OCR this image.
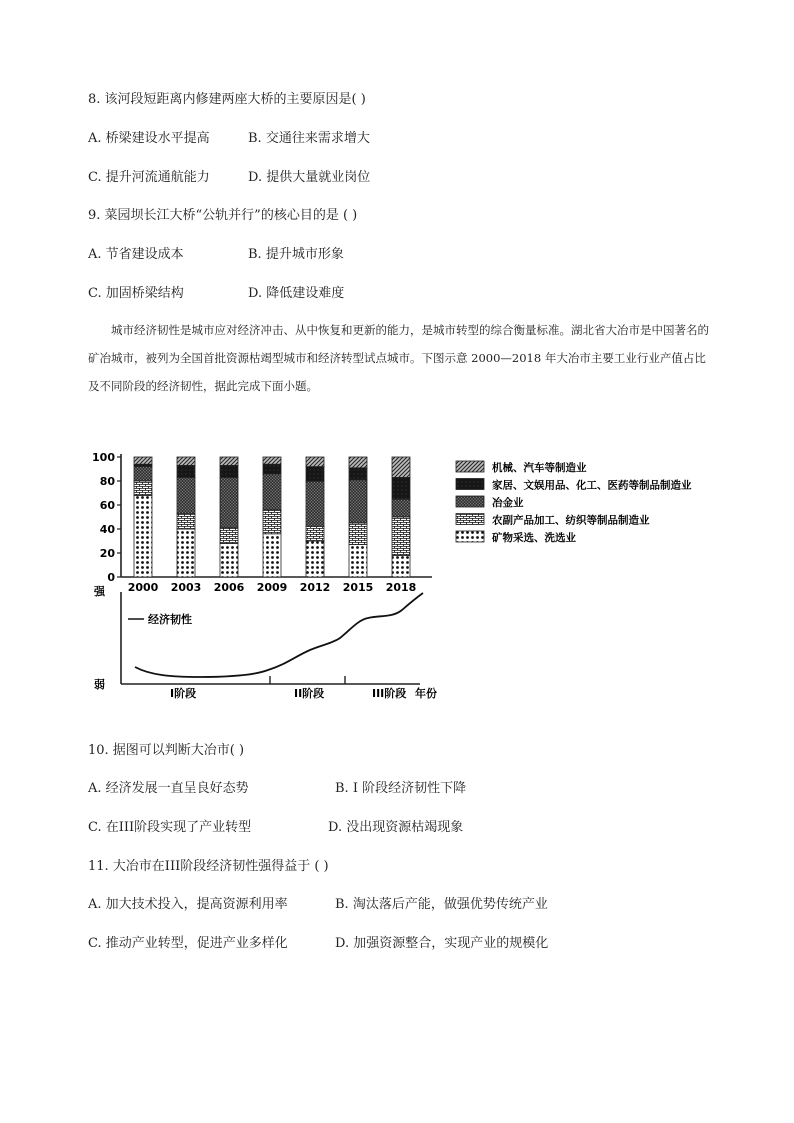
8. 该河段短距离内修建两座大桥的主要原因是( )
A. 桥梁建设水平提高	B. 交通往来需求增大
C. 提升河流通航能力	D. 提供大量就业岗位
9. 菜园坝长江大桥“公轨并行”的核心目的是 ( )
A. 节省建设成本	B. 提升城市形象
C. 加固桥梁结构	D. 降低建设难度

城市经济韧性是城市应对经济冲击、从中恢复和更新的能力，是城市转型的综合衡量标准。湖北省大冶市是中国著名的矿冶城市，被列为全国首批资源枯竭型城市和经济转型试点城市。下图示意 2000—2018 年大冶市主要工业行业产值占比及不同阶段的经济韧性，据此完成下面小题。

0
20
40
60
80
100
2000 2003 2006 2009 2012 2015 2018
机械、汽车等制造业
家居、文娱用品、化工、医药等制品制造业
冶金业
农副产品加工、纺织等制品制造业
矿物采选、洗选业
强
弱
经济韧性
I阶段	II阶段	III阶段 年份
10. 据图可以判断大冶市( )
A. 经济发展一直呈良好态势	B. I 阶段经济韧性下降
C. 在III阶段实现了产业转型	D. 没出现资源枯竭现象
11. 大冶市在III阶段经济韧性强得益于 ( )
A. 加大技术投入，提高资源利用率	B. 淘汰落后产能，做强优势传统产业
C. 推动产业转型，促进产业多样化	D. 加强资源整合，实现产业的规模化
